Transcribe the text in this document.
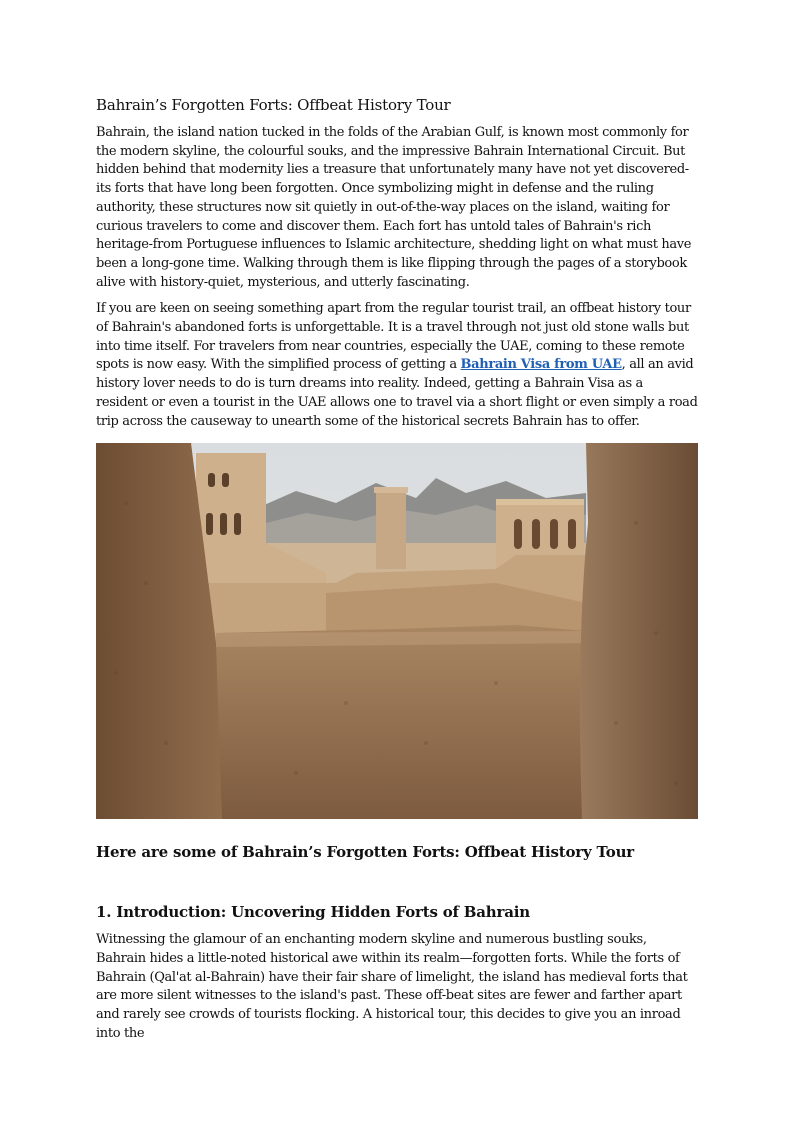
Bahrain’s Forgotten Forts: Offbeat History Tour

Bahrain, the island nation tucked in the folds of the Arabian Gulf, is known most commonly for the modern skyline, the colourful souks, and the impressive Bahrain International Circuit. But hidden behind that modernity lies a treasure that unfortunately many have not yet discovered-its forts that have long been forgotten. Once symbolizing might in defense and the ruling authority, these structures now sit quietly in out-of-the-way places on the island, waiting for curious travelers to come and discover them. Each fort has untold tales of Bahrain's rich heritage-from Portuguese influences to Islamic architecture, shedding light on what must have been a long-gone time. Walking through them is like flipping through the pages of a storybook alive with history-quiet, mysterious, and utterly fascinating.

If you are keen on seeing something apart from the regular tourist trail, an offbeat history tour of Bahrain's abandoned forts is unforgettable. It is a travel through not just old stone walls but into time itself. For travelers from near countries, especially the UAE, coming to these remote spots is now easy. With the simplified process of getting a Bahrain Visa from UAE, all an avid history lover needs to do is turn dreams into reality. Indeed, getting a Bahrain Visa as a resident or even a tourist in the UAE allows one to travel via a short flight or even simply a road trip across the causeway to unearth some of the historical secrets Bahrain has to offer.

Here are some of Bahrain’s Forgotten Forts: Offbeat History Tour
1. Introduction: Uncovering Hidden Forts of Bahrain

Witnessing the glamour of an enchanting modern skyline and numerous bustling souks, Bahrain hides a little-noted historical awe within its realm—forgotten forts. While the forts of Bahrain (Qal'at al-Bahrain) have their fair share of limelight, the island has medieval forts that are more silent witnesses to the island's past. These off-beat sites are fewer and farther apart and rarely see crowds of tourists flocking. A historical tour, this decides to give you an inroad into the
